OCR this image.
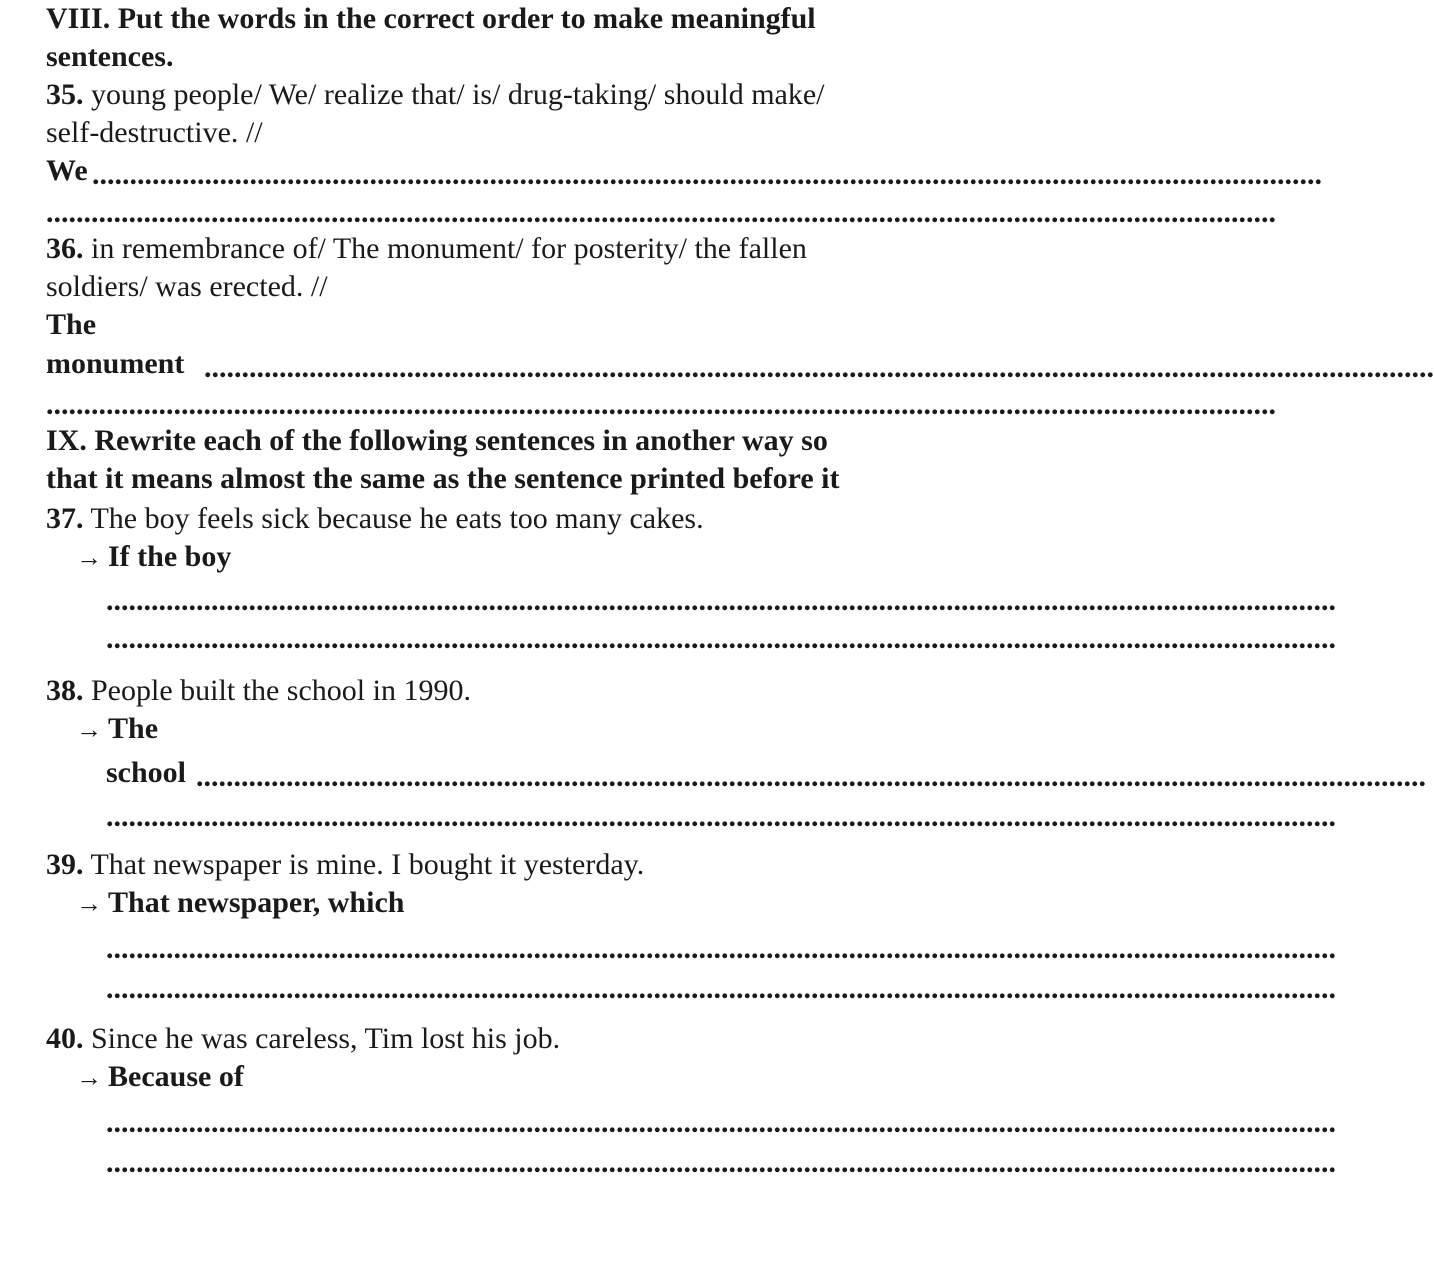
VIII. Put the words in the correct order to make meaningful

sentences.

35. young people/ We/ realize that/ is/ drug-taking/ should make/

self-destructive. //

We ....................................................................................................................................................................

....................................................................................................................................................................

36. in remembrance of/ The monument/ for posterity/ the fallen

soldiers/ was erected. //

The

monument ....................................................................................................................................................................

....................................................................................................................................................................

IX. Rewrite each of the following sentences in another way so

that it means almost the same as the sentence printed before it

37. The boy feels sick because he eats too many cakes.

→ If the boy

....................................................................................................................................................................

....................................................................................................................................................................

38. People built the school in 1990.

→ The

school ....................................................................................................................................................................

....................................................................................................................................................................

39. That newspaper is mine. I bought it yesterday.

→ That newspaper, which

....................................................................................................................................................................

....................................................................................................................................................................

40. Since he was careless, Tim lost his job.

→ Because of

....................................................................................................................................................................

....................................................................................................................................................................
